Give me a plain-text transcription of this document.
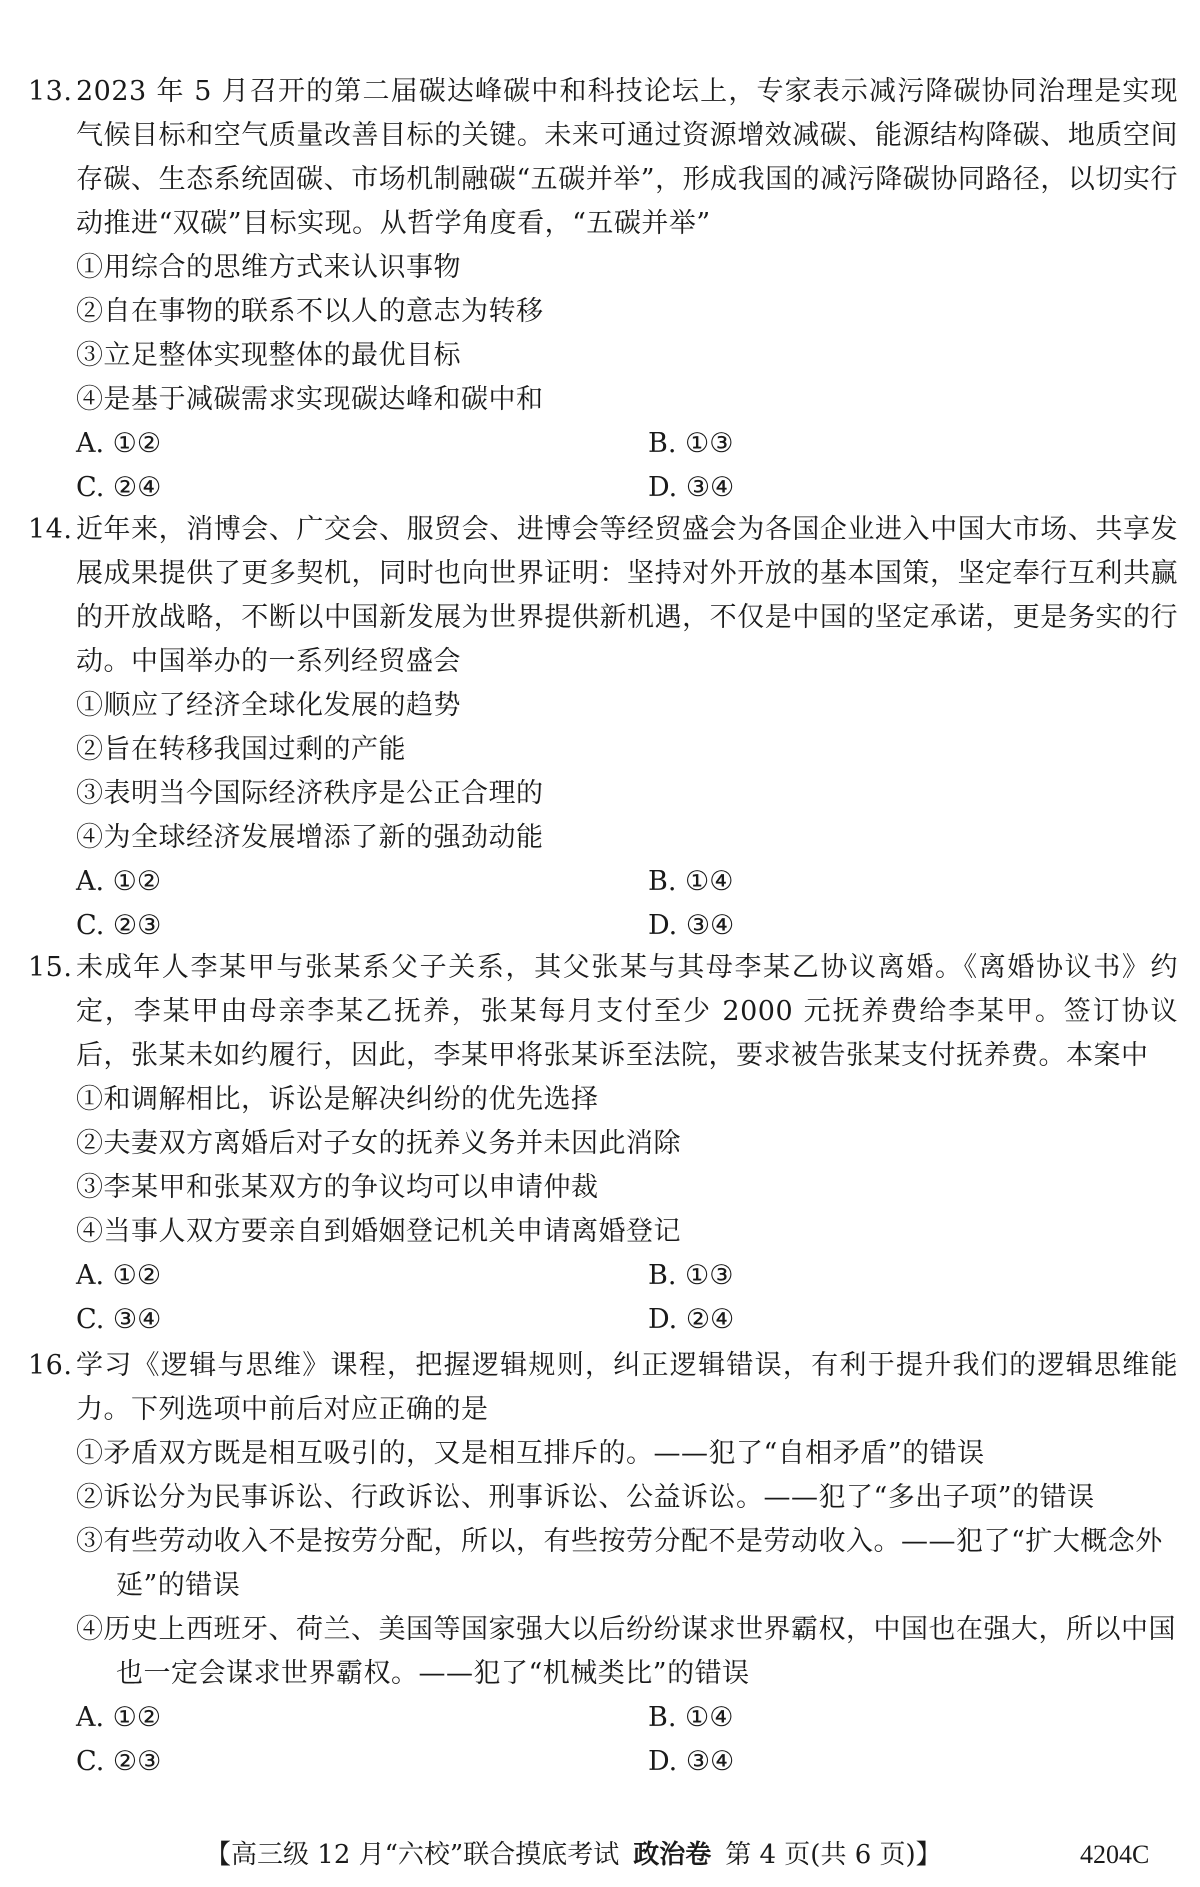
13. 2023 年 5 月召开的第二届碳达峰碳中和科技论坛上，专家表示减污降碳协同治理是实现气候目标和空气质量改善目标的关键。未来可通过资源增效减碳、能源结构降碳、地质空间存碳、生态系统固碳、市场机制融碳“五碳并举”，形成我国的减污降碳协同路径，以切实行动推进“双碳”目标实现。从哲学角度看，“五碳并举”
①用综合的思维方式来认识事物
②自在事物的联系不以人的意志为转移
③立足整体实现整体的最优目标
④是基于减碳需求实现碳达峰和碳中和
A. ①②	B. ①③
C. ②④	D. ③④
14. 近年来，消博会、广交会、服贸会、进博会等经贸盛会为各国企业进入中国大市场、共享发展成果提供了更多契机，同时也向世界证明：坚持对外开放的基本国策，坚定奉行互利共赢的开放战略，不断以中国新发展为世界提供新机遇，不仅是中国的坚定承诺，更是务实的行动。中国举办的一系列经贸盛会
①顺应了经济全球化发展的趋势
②旨在转移我国过剩的产能
③表明当今国际经济秩序是公正合理的
④为全球经济发展增添了新的强劲动能
A. ①②	B. ①④
C. ②③	D. ③④
15. 未成年人李某甲与张某系父子关系，其父张某与其母李某乙协议离婚。《离婚协议书》约定，李某甲由母亲李某乙抚养，张某每月支付至少 2000 元抚养费给李某甲。签订协议后，张某未如约履行，因此，李某甲将张某诉至法院，要求被告张某支付抚养费。本案中
①和调解相比，诉讼是解决纠纷的优先选择
②夫妻双方离婚后对子女的抚养义务并未因此消除
③李某甲和张某双方的争议均可以申请仲裁
④当事人双方要亲自到婚姻登记机关申请离婚登记
A. ①②	B. ①③
C. ③④	D. ②④
16. 学习《逻辑与思维》课程，把握逻辑规则，纠正逻辑错误，有利于提升我们的逻辑思维能力。下列选项中前后对应正确的是
①矛盾双方既是相互吸引的，又是相互排斥的。——犯了“自相矛盾”的错误
②诉讼分为民事诉讼、行政诉讼、刑事诉讼、公益诉讼。——犯了“多出子项”的错误
③有些劳动收入不是按劳分配，所以，有些按劳分配不是劳动收入。——犯了“扩大概念外延”的错误
④历史上西班牙、荷兰、美国等国家强大以后纷纷谋求世界霸权，中国也在强大，所以中国也一定会谋求世界霸权。——犯了“机械类比”的错误
A. ①②	B. ①④
C. ②③	D. ③④
【高三级 12 月“六校”联合摸底考试 政治卷 第 4 页(共 6 页)】	4204C
